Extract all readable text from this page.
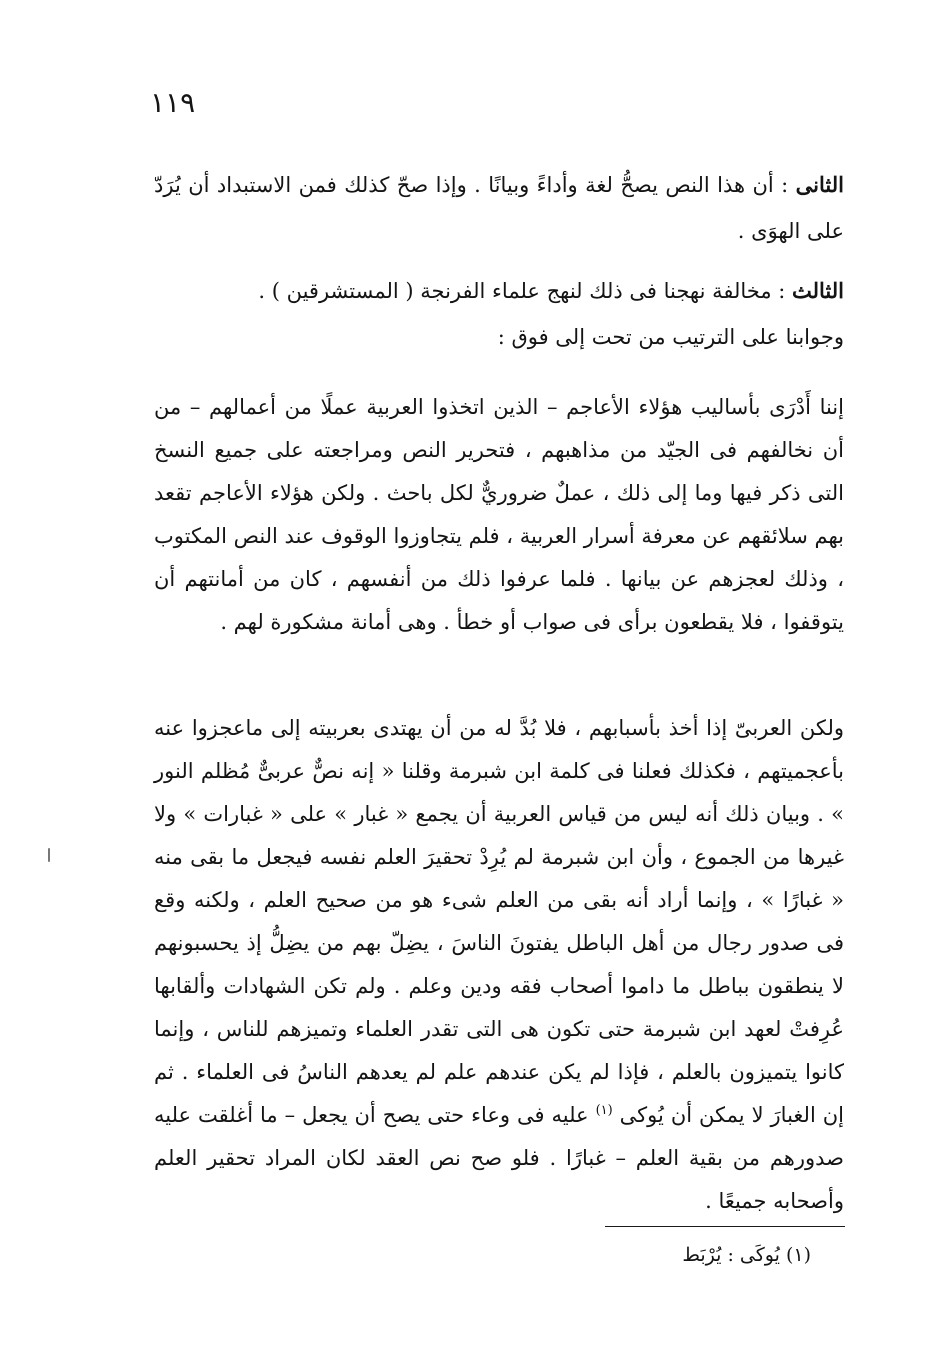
١١٩

الثانى : أن هذا النص يصحُّ لغة وأداءً وبيانًا . وإذا صحّ كذلك فمن الاستبداد أن يُرَدّ على الهوَى .

الثالث : مخالفة نهجنا فى ذلك لنهج علماء الفرنجة ( المستشرقين ) .

وجوابنا على الترتيب من تحت إلى فوق :

إننا أَدْرَى بأساليب هؤلاء الأعاجم – الذين اتخذوا العربية عملًا من أعمالهم – من أن نخالفهم فى الجيّد من مذاهبهم ، فتحرير النص ومراجعته على جميع النسخ التى ذكر فيها وما إلى ذلك ، عملٌ ضروريٌّ لكل باحث . ولكن هؤلاء الأعاجم تقعد بهم سلائقهم عن معرفة أسرار العربية ، فلم يتجاوزوا الوقوف عند النص المكتوب ، وذلك لعجزهم عن بيانها . فلما عرفوا ذلك من أنفسهم ، كان من أمانتهم أن يتوقفوا ، فلا يقطعون برأى فى صواب أو خطأ . وهى أمانة مشكورة لهم .

ولكن العربىّ إذا أخذ بأسبابهم ، فلا بُدَّ له من أن يهتدى بعربيته إلى ماعجزوا عنه بأعجميتهم ، فكذلك فعلنا فى كلمة ابن شبرمة وقلنا « إنه نصٌّ عربىٌّ مُظلم النور » . وبيان ذلك أنه ليس من قياس العربية أن يجمع « غبار » على « غبارات » ولا غيرها من الجموع ، وأن ابن شبرمة لم يُرِدْ تحقيرَ العلم نفسه فيجعل ما بقى منه « غبارًا » ، وإنما أراد أنه بقى من العلم شىء هو من صحيح العلم ، ولكنه وقع فى صدور رجال من أهل الباطل يفتونَ الناسَ ، يضِلّ بهم من يضِلُّ إذ يحسبونهم لا ينطقون بباطل ما داموا أصحاب فقه ودين وعلم . ولم تكن الشهادات وألقابها عُرِفتْ لعهد ابن شبرمة حتى تكون هى التى تقدر العلماء وتميزهم للناس ، وإنما كانوا يتميزون بالعلم ، فإذا لم يكن عندهم علم لم يعدهم الناسُ فى العلماء . ثم إن الغبارَ لا يمكن أن يُوكى $^{(١)}$ عليه فى وعاء حتى يصح أن يجعل – ما أغلقت عليه صدورهم من بقية العلم – غبارًا . فلو صح نص العقد لكان المراد تحقير العلم وأصحابه جميعًا .

(١) يُوكَى : يُرْبَط
